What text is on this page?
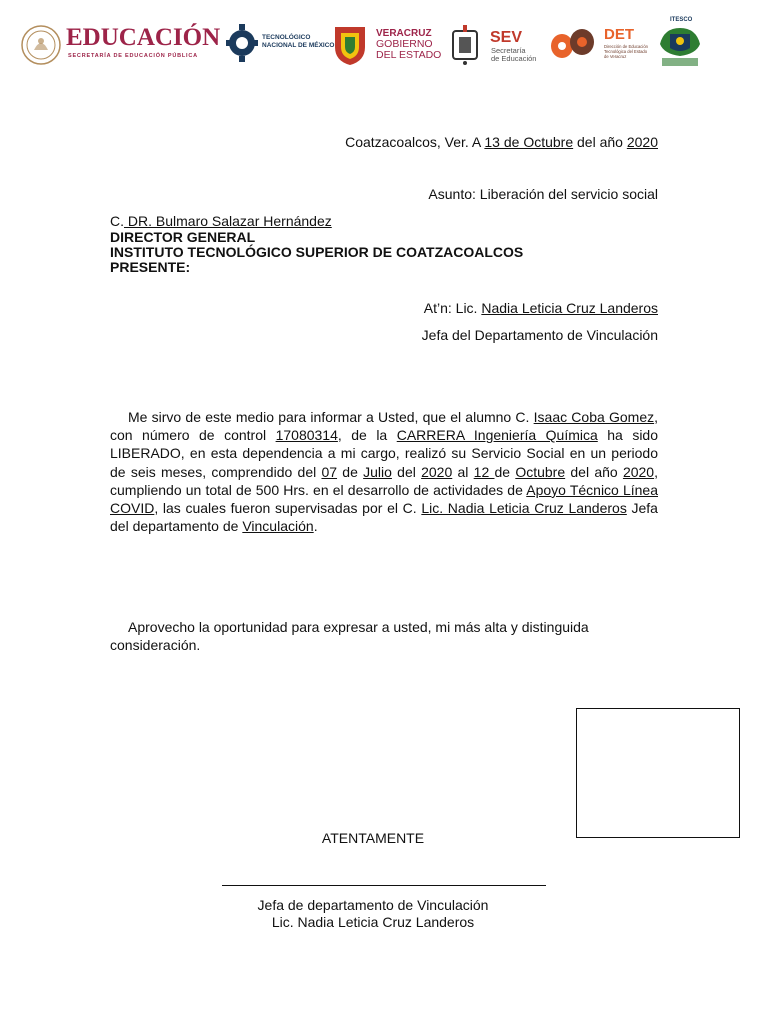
EDUCACIÓN
SECRETARÍA DE EDUCACIÓN PÚBLICA
TECNOLÓGICO
NACIONAL DE MÉXICO
VERACRUZ
GOBIERNO
DEL ESTADO
SEV
Secretaría
de Educación
DET
Dirección de Educación
Tecnológica del Estado
de Veracruz
ITESCO
Coatzacoalcos, Ver. A 13 de Octubre del año 2020
Asunto: Liberación del servicio social
C. DR. Bulmaro Salazar Hernández
DIRECTOR GENERAL
INSTITUTO TECNOLÓGICO SUPERIOR DE COATZACOALCOS
PRESENTE:
At’n: Lic. Nadia Leticia Cruz Landeros
Jefa del Departamento de Vinculación
Me sirvo de este medio para informar a Usted, que el alumno C. Isaac Coba Gomez, con número de control 17080314, de la CARRERA Ingeniería Química ha sido LIBERADO, en esta dependencia a mi cargo, realizó su Servicio Social en un periodo de seis meses, comprendido del 07 de Julio del 2020 al 12 de Octubre del año 2020, cumpliendo un total de 500 Hrs. en el desarrollo de actividades de Apoyo Técnico Línea COVID, las cuales fueron supervisadas por el C. Lic. Nadia Leticia Cruz Landeros Jefa del departamento de Vinculación.
Aprovecho la oportunidad para expresar a usted, mi más alta y distinguida consideración.
ATENTAMENTE
Jefa de departamento de Vinculación
Lic. Nadia Leticia Cruz Landeros
